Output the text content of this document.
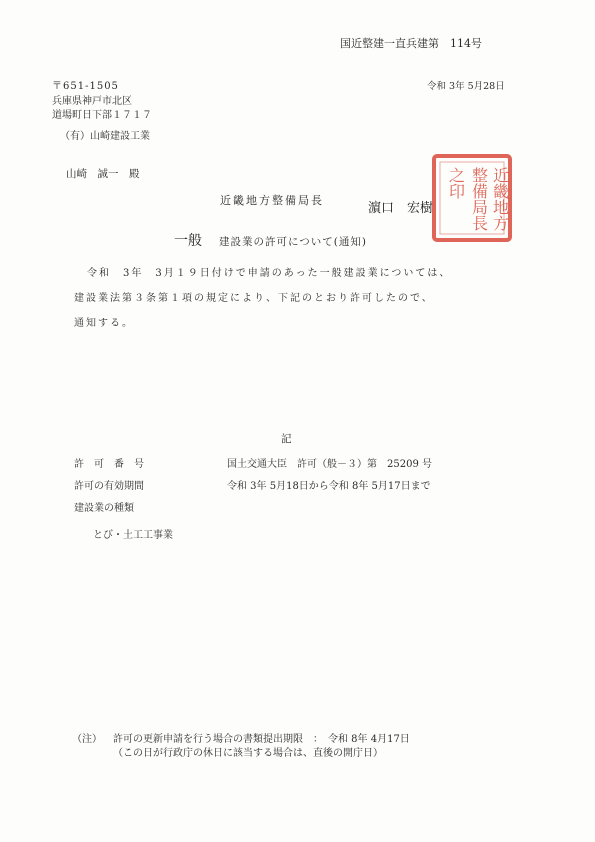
国近整建一直兵建第　114号
令和 3年 5月28日
〒651-1505
兵庫県神戸市北区
道場町日下部１７１７
（有）山崎建設工業
山崎　誠一　殿
近畿地方整備局長
濵口　宏樹	近畿地方
整備局長
之印
一般 建設業の許可について(通知)
令和　3年　3月１９日付けで申請のあった一般建設業については、
建設業法第３条第１項の規定により、下記のとおり許可したので、
通知する。
記
許　可　番　号	国土交通大臣　許可（般－３）第　25209 号
許可の有効期間	令和 3年 5月18日から令和 8年 5月17日まで
建設業の種類
とび・土工工事業
（注） 許可の更新申請を行う場合の書類提出期限　：　令和 8年 4月17日
（この日が行政庁の休日に該当する場合は、直後の開庁日）
